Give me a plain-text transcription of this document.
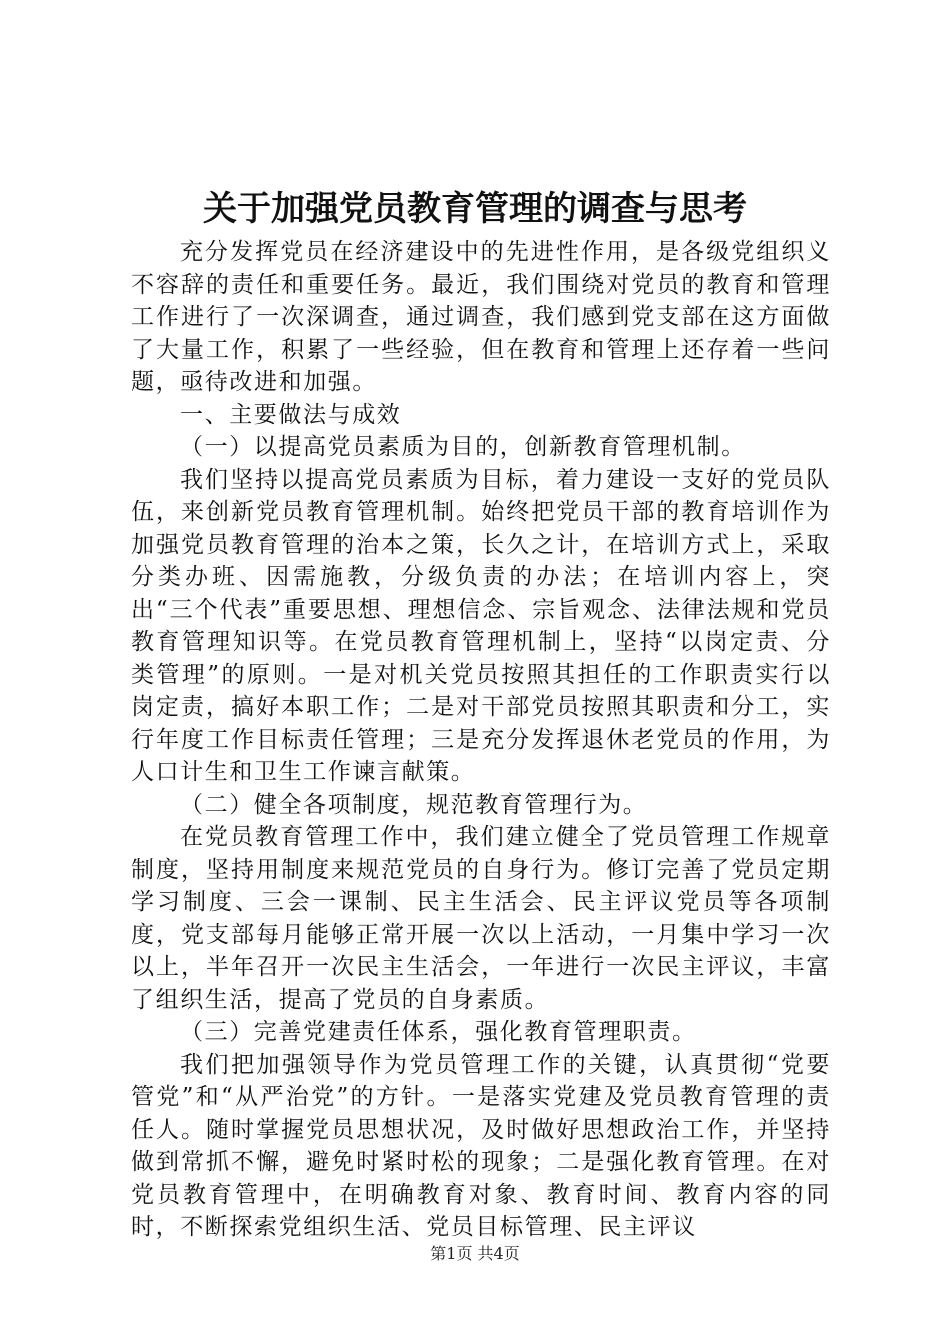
关于加强党员教育管理的调查与思考

充分发挥党员在经济建设中的先进性作用，是各级党组织义不容辞的责任和重要任务。最近，我们围绕对党员的教育和管理工作进行了一次深调查，通过调查，我们感到党支部在这方面做了大量工作，积累了一些经验，但在教育和管理上还存着一些问题，亟待改进和加强。

一、主要做法与成效

（一）以提高党员素质为目的，创新教育管理机制。

我们坚持以提高党员素质为目标，着力建设一支好的党员队伍，来创新党员教育管理机制。始终把党员干部的教育培训作为加强党员教育管理的治本之策，长久之计，在培训方式上，采取分类办班、因需施教，分级负责的办法；在培训内容上，突出“三个代表”重要思想、理想信念、宗旨观念、法律法规和党员教育管理知识等。在党员教育管理机制上，坚持“以岗定责、分类管理”的原则。一是对机关党员按照其担任的工作职责实行以岗定责，搞好本职工作；二是对干部党员按照其职责和分工，实行年度工作目标责任管理；三是充分发挥退休老党员的作用，为人口计生和卫生工作谏言献策。

（二）健全各项制度，规范教育管理行为。

在党员教育管理工作中，我们建立健全了党员管理工作规章制度，坚持用制度来规范党员的自身行为。修订完善了党员定期学习制度、三会一课制、民主生活会、民主评议党员等各项制度，党支部每月能够正常开展一次以上活动，一月集中学习一次以上，半年召开一次民主生活会，一年进行一次民主评议，丰富了组织生活，提高了党员的自身素质。

（三）完善党建责任体系，强化教育管理职责。

我们把加强领导作为党员管理工作的关键，认真贯彻“党要管党”和“从严治党”的方针。一是落实党建及党员教育管理的责任人。随时掌握党员思想状况，及时做好思想政治工作，并坚持做到常抓不懈，避免时紧时松的现象；二是强化教育管理。在对党员教育管理中，在明确教育对象、教育时间、教育内容的同时，不断探索党组织生活、党员目标管理、民主评议

第1页 共4页
